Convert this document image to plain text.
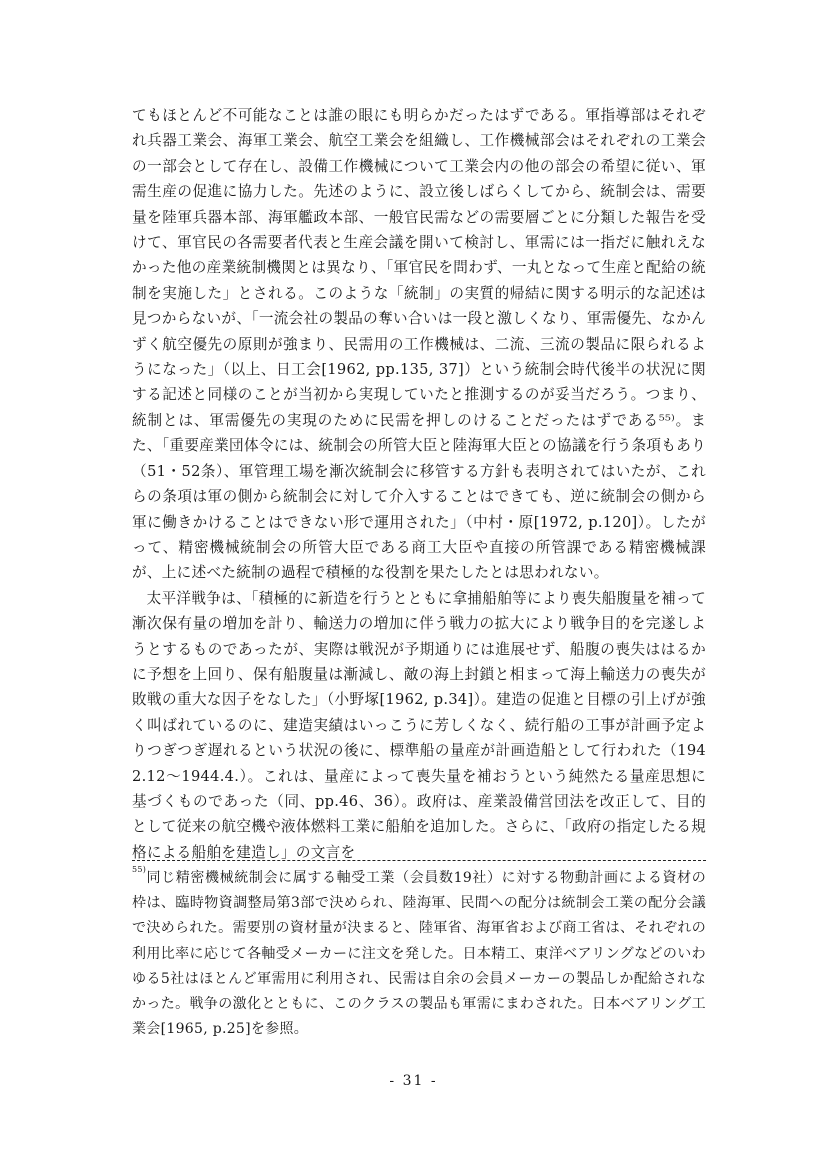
てもほとんど不可能なことは誰の眼にも明らかだったはずである。軍指導部はそれぞれ兵器工業会、海軍工業会、航空工業会を組織し、工作機械部会はそれぞれの工業会の一部会として存在し、設備工作機械について工業会内の他の部会の希望に従い、軍需生産の促進に協力した。先述のように、設立後しばらくしてから、統制会は、需要量を陸軍兵器本部、海軍艦政本部、一般官民需などの需要層ごとに分類した報告を受けて、軍官民の各需要者代表と生産会議を開いて検討し、軍需には一指だに触れえなかった他の産業統制機関とは異なり、「軍官民を問わず、一丸となって生産と配給の統制を実施した」とされる。このような「統制」の実質的帰結に関する明示的な記述は見つからないが、「一流会社の製品の奪い合いは一段と激しくなり、軍需優先、なかんずく航空優先の原則が強まり、民需用の工作機械は、二流、三流の製品に限られるようになった」（以上、日工会[1962, pp.135, 37]）という統制会時代後半の状況に関する記述と同様のことが当初から実現していたと推測するのが妥当だろう。つまり、統制とは、軍需優先の実現のために民需を押しのけることだったはずである⁵⁵⁾。また、「重要産業団体令には、統制会の所管大臣と陸海軍大臣との協議を行う条項もあり（51・52条）、軍管理工場を漸次統制会に移管する方針も表明されてはいたが、これらの条項は軍の側から統制会に対して介入することはできても、逆に統制会の側から軍に働きかけることはできない形で運用された」（中村・原[1972, p.120]）。したがって、精密機械統制会の所管大臣である商工大臣や直接の所管課である精密機械課が、上に述べた統制の過程で積極的な役割を果たしたとは思われない。

太平洋戦争は、「積極的に新造を行うとともに拿捕船舶等により喪失船腹量を補って漸次保有量の増加を計り、輸送力の増加に伴う戦力の拡大により戦争目的を完遂しようとするものであったが、実際は戦況が予期通りには進展せず、船腹の喪失ははるかに予想を上回り、保有船腹量は漸減し、敵の海上封鎖と相まって海上輸送力の喪失が敗戦の重大な因子をなした」（小野塚[1962, p.34]）。建造の促進と目標の引上げが強く叫ばれているのに、建造実績はいっこうに芳しくなく、続行船の工事が計画予定よりつぎつぎ遅れるという状況の後に、標準船の量産が計画造船として行われた（1942.12〜1944.4.）。これは、量産によって喪失量を補おうという純然たる量産思想に基づくものであった（同、pp.46、36）。政府は、産業設備営団法を改正して、目的として従来の航空機や液体燃料工業に船舶を追加した。さらに、「政府の指定したる規格による船舶を建造し」の文言を

$^{55)}$同じ精密機械統制会に属する軸受工業（会員数19社）に対する物動計画による資材の枠は、臨時物資調整局第3部で決められ、陸海軍、民間への配分は統制会工業の配分会議で決められた。需要別の資材量が決まると、陸軍省、海軍省および商工省は、それぞれの利用比率に応じて各軸受メーカーに注文を発した。日本精工、東洋ベアリングなどのいわゆる5社はほとんど軍需用に利用され、民需は自余の会員メーカーの製品しか配給されなかった。戦争の激化とともに、このクラスの製品も軍需にまわされた。日本ベアリング工業会[1965, p.25]を参照。
- 31 -
